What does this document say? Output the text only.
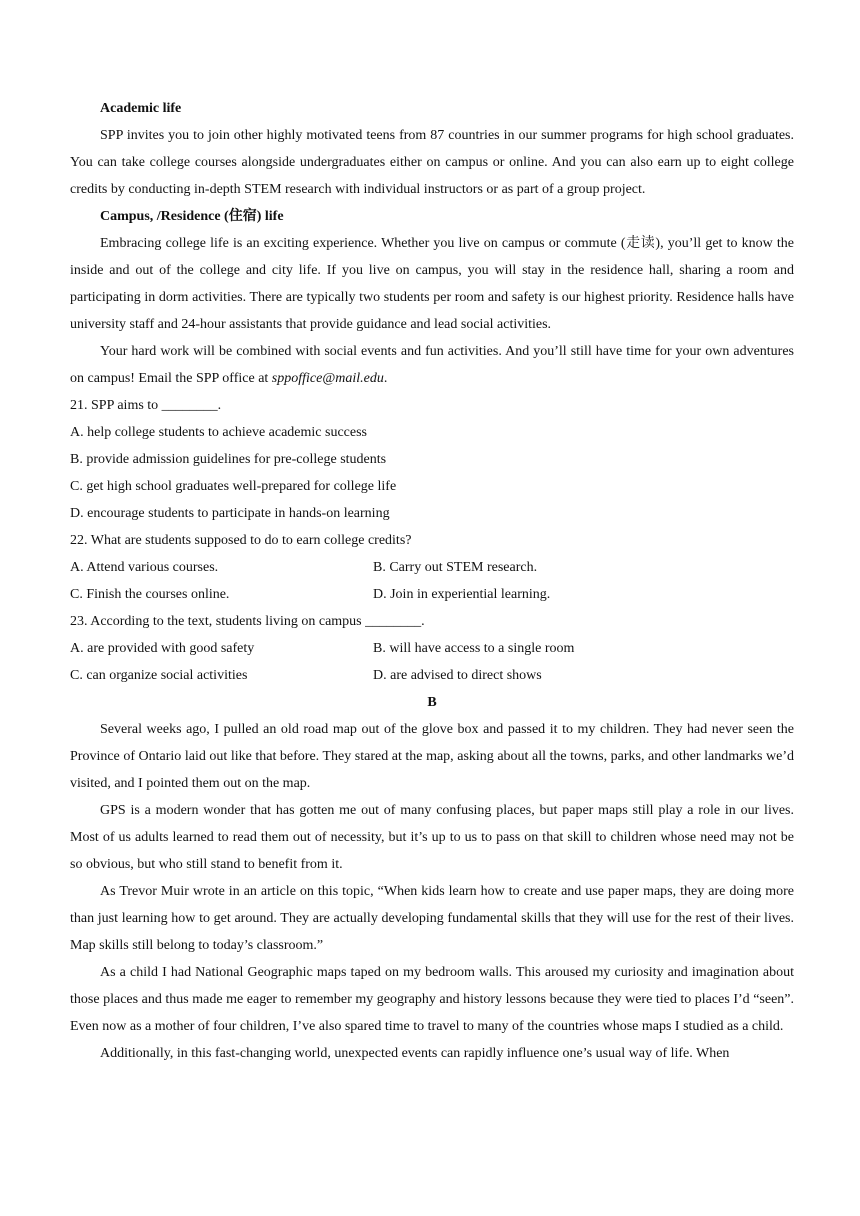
Academic life

SPP invites you to join other highly motivated teens from 87 countries in our summer programs for high school graduates. You can take college courses alongside undergraduates either on campus or online. And you can also earn up to eight college credits by conducting in-depth STEM research with individual instructors or as part of a group project.

Campus, /Residence (住宿) life

Embracing college life is an exciting experience. Whether you live on campus or commute (走读), you’ll get to know the inside and out of the college and city life. If you live on campus, you will stay in the residence hall, sharing a room and participating in dorm activities. There are typically two students per room and safety is our highest priority. Residence halls have university staff and 24-hour assistants that provide guidance and lead social activities.

Your hard work will be combined with social events and fun activities. And you’ll still have time for your own adventures on campus! Email the SPP office at sppoffice@mail.edu.

21. SPP aims to ________.

A. help college students to achieve academic success

B. provide admission guidelines for pre-college students

C. get high school graduates well-prepared for college life

D. encourage students to participate in hands-on learning

22. What are students supposed to do to earn college credits?

A. Attend various courses.	B. Carry out STEM research.
C. Finish the courses online.	D. Join in experiential learning.

23. According to the text, students living on campus ________.

A. are provided with good safety	B. will have access to a single room
C. can organize social activities	D. are advised to direct shows

B

Several weeks ago, I pulled an old road map out of the glove box and passed it to my children. They had never seen the Province of Ontario laid out like that before. They stared at the map, asking about all the towns, parks, and other landmarks we’d visited, and I pointed them out on the map.

GPS is a modern wonder that has gotten me out of many confusing places, but paper maps still play a role in our lives. Most of us adults learned to read them out of necessity, but it’s up to us to pass on that skill to children whose need may not be so obvious, but who still stand to benefit from it.

As Trevor Muir wrote in an article on this topic, “When kids learn how to create and use paper maps, they are doing more than just learning how to get around. They are actually developing fundamental skills that they will use for the rest of their lives. Map skills still belong to today’s classroom.”

As a child I had National Geographic maps taped on my bedroom walls. This aroused my curiosity and imagination about those places and thus made me eager to remember my geography and history lessons because they were tied to places I’d “seen”. Even now as a mother of four children, I’ve also spared time to travel to many of the countries whose maps I studied as a child.

Additionally, in this fast-changing world, unexpected events can rapidly influence one’s usual way of life. When
